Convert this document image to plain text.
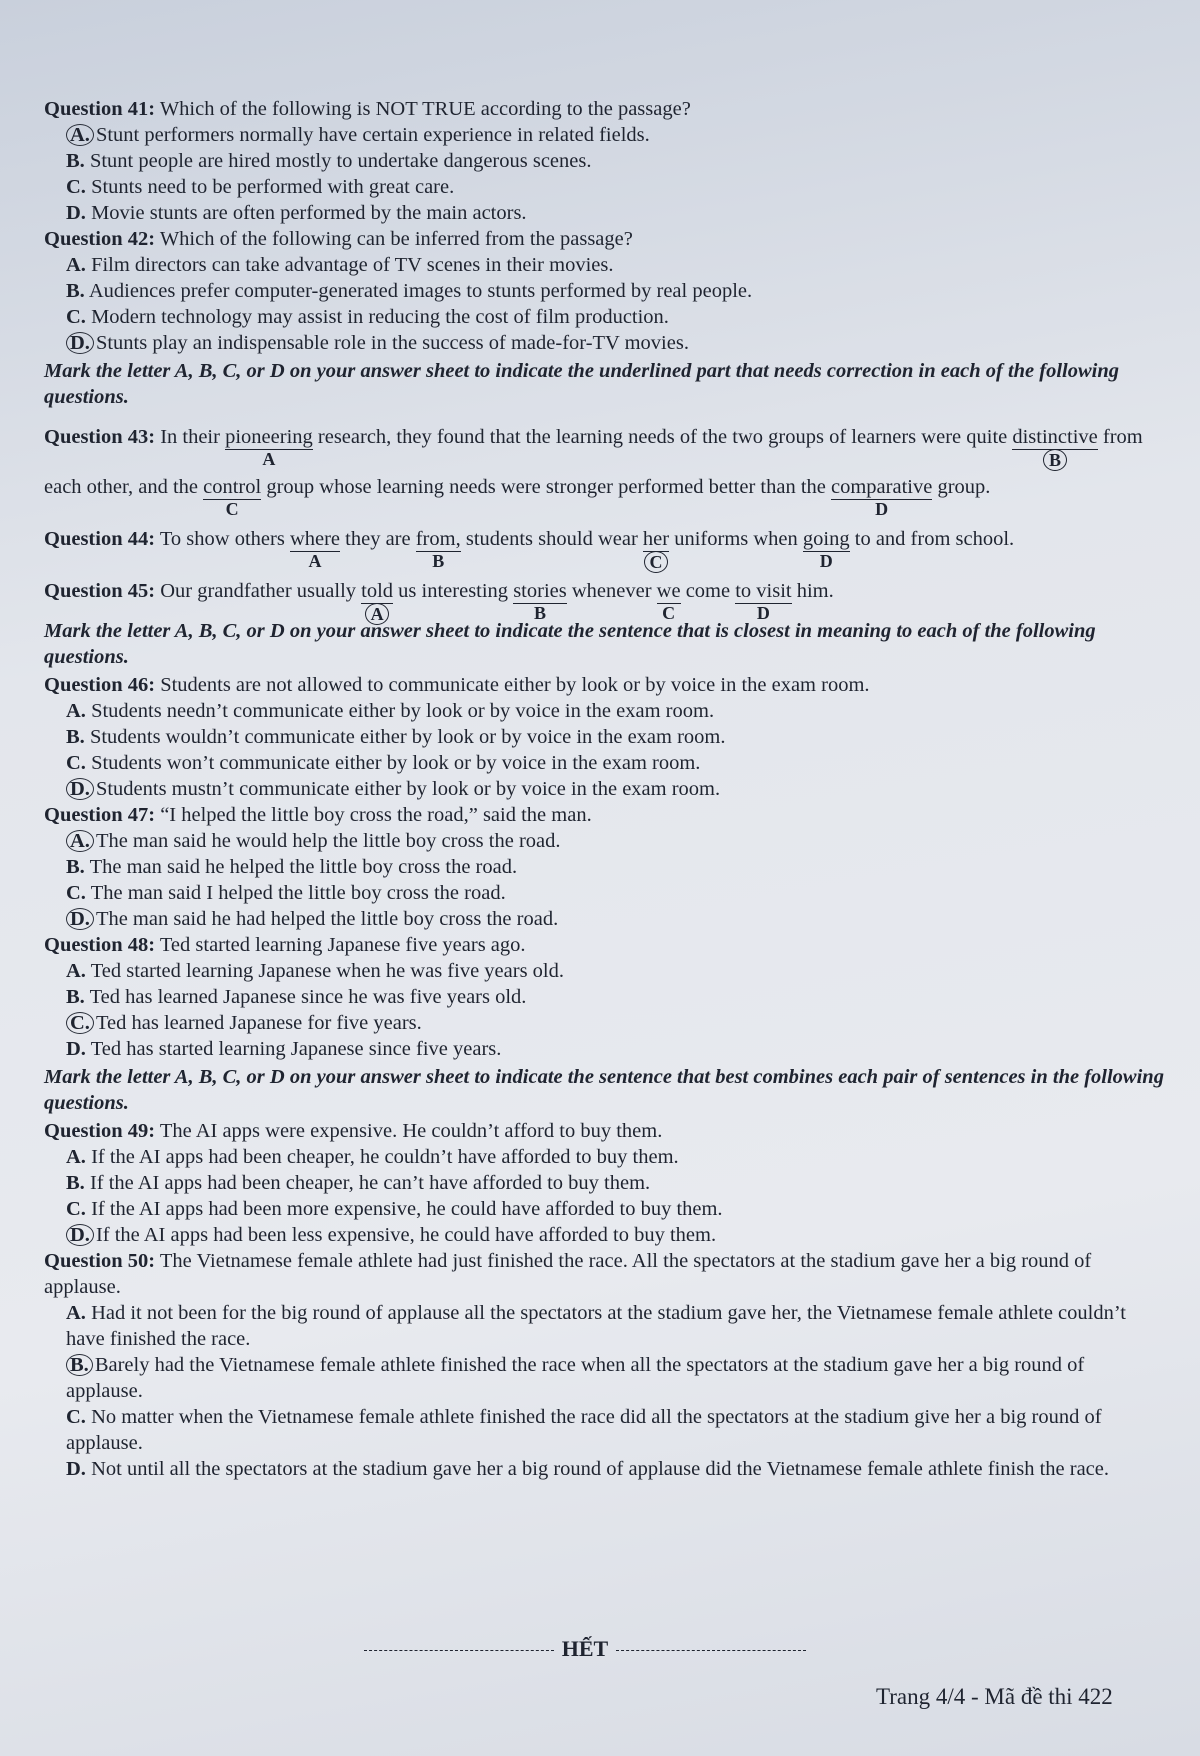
Question 41: Which of the following is NOT TRUE according to the passage?
A. Stunt performers normally have certain experience in related fields.
B. Stunt people are hired mostly to undertake dangerous scenes.
C. Stunts need to be performed with great care.
D. Movie stunts are often performed by the main actors.
Question 42: Which of the following can be inferred from the passage?
A. Film directors can take advantage of TV scenes in their movies.
B. Audiences prefer computer-generated images to stunts performed by real people.
C. Modern technology may assist in reducing the cost of film production.
D. Stunts play an indispensable role in the success of made-for-TV movies.
Mark the letter A, B, C, or D on your answer sheet to indicate the underlined part that needs correction in each of the following questions.
Question 43: In their pioneering
A
research, they found that the learning needs of the two groups of learners were quite distinctive
B
from each other, and the control
C
group whose learning needs were stronger performed better than the comparative
D
group.
Question 44: To show others where
A
they are from,
B
students should wear her
C
uniforms when going
D
to and from school.
Question 45: Our grandfather usually told
A
us interesting stories
B
whenever we
C
come to visit
D
him.
Mark the letter A, B, C, or D on your answer sheet to indicate the sentence that is closest in meaning to each of the following questions.
Question 46: Students are not allowed to communicate either by look or by voice in the exam room.
A. Students needn’t communicate either by look or by voice in the exam room.
B. Students wouldn’t communicate either by look or by voice in the exam room.
C. Students won’t communicate either by look or by voice in the exam room.
D. Students mustn’t communicate either by look or by voice in the exam room.
Question 47: “I helped the little boy cross the road,” said the man.
A. The man said he would help the little boy cross the road.
B. The man said he helped the little boy cross the road.
C. The man said I helped the little boy cross the road.
D. The man said he had helped the little boy cross the road.
Question 48: Ted started learning Japanese five years ago.
A. Ted started learning Japanese when he was five years old.
B. Ted has learned Japanese since he was five years old.
C. Ted has learned Japanese for five years.
D. Ted has started learning Japanese since five years.
Mark the letter A, B, C, or D on your answer sheet to indicate the sentence that best combines each pair of sentences in the following questions.
Question 49: The AI apps were expensive. He couldn’t afford to buy them.
A. If the AI apps had been cheaper, he couldn’t have afforded to buy them.
B. If the AI apps had been cheaper, he can’t have afforded to buy them.
C. If the AI apps had been more expensive, he could have afforded to buy them.
D. If the AI apps had been less expensive, he could have afforded to buy them.
Question 50: The Vietnamese female athlete had just finished the race. All the spectators at the stadium gave her a big round of applause.
A. Had it not been for the big round of applause all the spectators at the stadium gave her, the Vietnamese female athlete couldn’t have finished the race.
B. Barely had the Vietnamese female athlete finished the race when all the spectators at the stadium gave her a big round of applause.
C. No matter when the Vietnamese female athlete finished the race did all the spectators at the stadium give her a big round of applause.
D. Not until all the spectators at the stadium gave her a big round of applause did the Vietnamese female athlete finish the race.
HẾT
Trang 4/4 - Mã đề thi 422
